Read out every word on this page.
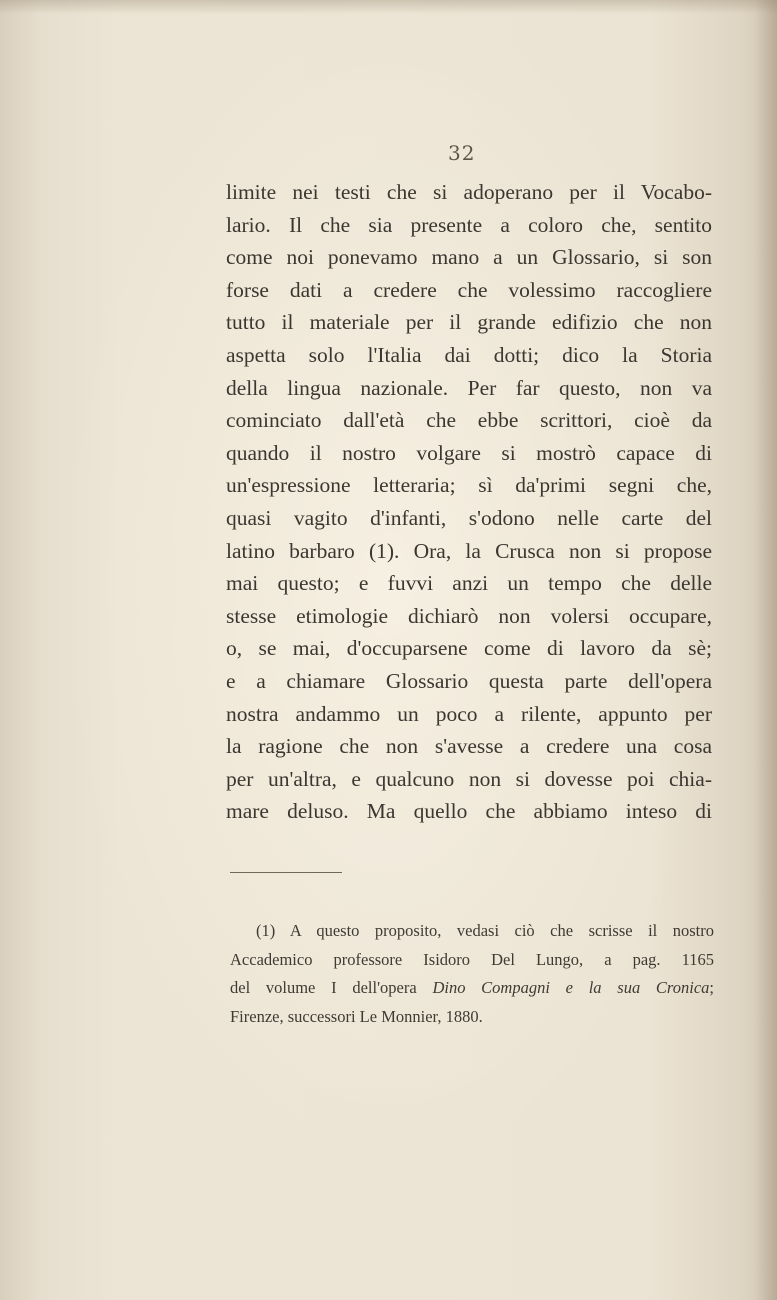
32
limite nei testi che si adoperano per il Vocabo-
lario. Il che sia presente a coloro che, sentito
come noi ponevamo mano a un Glossario, si son
forse dati a credere che volessimo raccogliere
tutto il materiale per il grande edifizio che non
aspetta solo l'Italia dai dotti; dico la Storia
della lingua nazionale. Per far questo, non va
cominciato dall'età che ebbe scrittori, cioè da
quando il nostro volgare si mostrò capace di
un'espressione letteraria; sì da'primi segni che,
quasi vagito d'infanti, s'odono nelle carte del
latino barbaro (1). Ora, la Crusca non si propose
mai questo; e fuvvi anzi un tempo che delle
stesse etimologie dichiarò non volersi occupare,
o, se mai, d'occuparsene come di lavoro da sè;
e a chiamare Glossario questa parte dell'opera
nostra andammo un poco a rilente, appunto per
la ragione che non s'avesse a credere una cosa
per un'altra, e qualcuno non si dovesse poi chia-
mare deluso. Ma quello che abbiamo inteso di
(1) A questo proposito, vedasi ciò che scrisse il nostro
Accademico professore Isidoro Del Lungo, a pag. 1165
del volume I dell'opera Dino Compagni e la sua Cronica;
Firenze, successori Le Monnier, 1880.
